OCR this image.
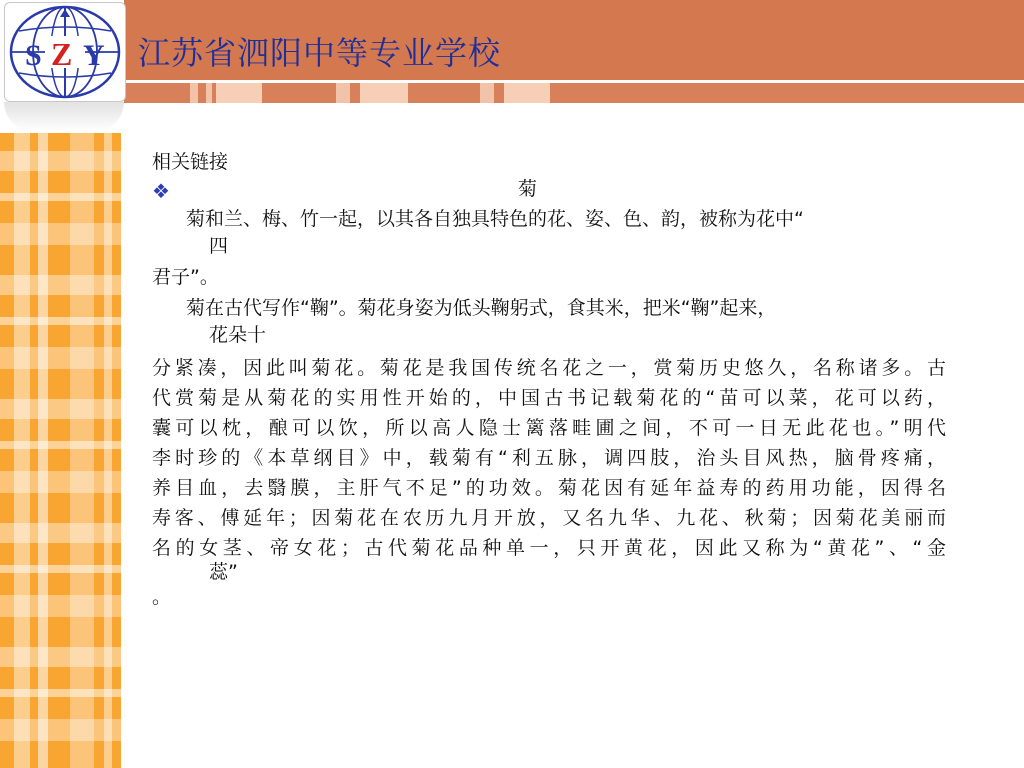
江苏省泗阳中等专业学校
S Z Y
相关链接
❖	菊
菊和兰、梅、竹一起，以其各自独具特色的花、姿、色、韵，被称为花中“
四
君子”。
菊在古代写作“鞠”。菊花身姿为低头鞠躬式，食其米，把米“鞠”起来，
花朵十
分紧凑，因此叫菊花。菊花是我国传统名花之一，赏菊历史悠久，名称诸多。古
代赏菊是从菊花的实用性开始的，中国古书记载菊花的“苗可以菜，花可以药，
囊可以枕，酿可以饮，所以高人隐士篱落畦圃之间，不可一日无此花也。”明代
李时珍的《本草纲目》中，载菊有“利五脉，调四肢，治头目风热，脑骨疼痛，
养目血，去翳膜，主肝气不足”的功效。菊花因有延年益寿的药用功能，因得名
寿客、傅延年；因菊花在农历九月开放，又名九华、九花、秋菊；因菊花美丽而
名的女茎、帝女花；古代菊花品种单一，只开黄花，因此又称为“黄花”、“金
蕊”
。
